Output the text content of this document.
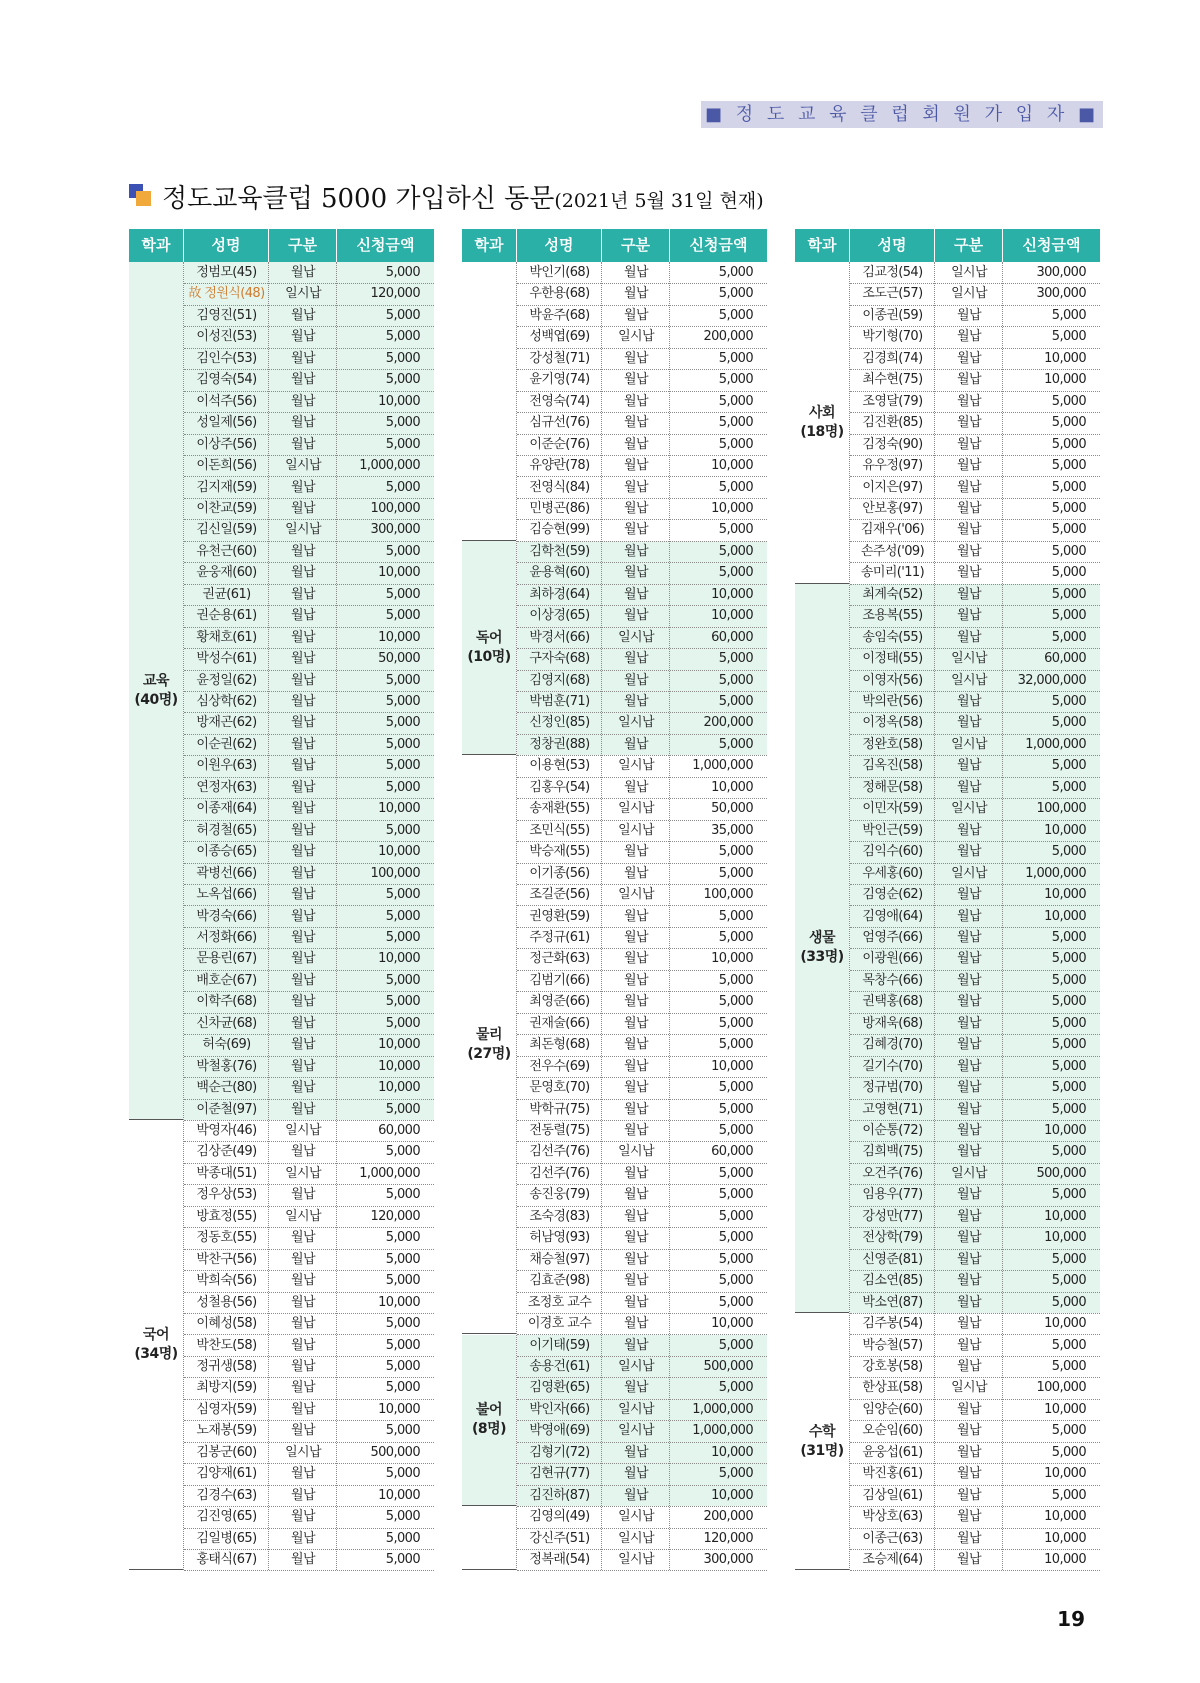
■ 정 도 교 육 클 럽 회 원 가 입 자 ■
정도교육클럽 5000 가입하신 동문(2021년 5월 31일 현재)
학과	성명	구분	신청금액
교육
(40명)
국어
(34명)
정범모(45)	월납	5,000
故 정원식(48)	일시납	120,000
김영진(51)	월납	5,000
이성진(53)	월납	5,000
김인수(53)	월납	5,000
김영숙(54)	월납	5,000
이석주(56)	월납	10,000
성일제(56)	월납	5,000
이상주(56)	월납	5,000
이돈희(56)	일시납	1,000,000
김지재(59)	월납	5,000
이찬교(59)	월납	100,000
김신일(59)	일시납	300,000
유천근(60)	월납	5,000
윤웅재(60)	월납	10,000
권균(61)	월납	5,000
권순용(61)	월납	5,000
황채호(61)	월납	10,000
박성수(61)	월납	50,000
윤정일(62)	월납	5,000
심상학(62)	월납	5,000
방재곤(62)	월납	5,000
이순권(62)	월납	5,000
이원우(63)	월납	5,000
연정자(63)	월납	5,000
이종재(64)	월납	10,000
허경철(65)	월납	5,000
이종승(65)	월납	10,000
곽병선(66)	월납	100,000
노옥섭(66)	월납	5,000
박경숙(66)	월납	5,000
서정화(66)	월납	5,000
문용린(67)	월납	10,000
배호순(67)	월납	5,000
이학주(68)	월납	5,000
신차균(68)	월납	5,000
허숙(69)	월납	10,000
박철홍(76)	월납	10,000
백순근(80)	월납	10,000
이준철(97)	월납	5,000
박영자(46)	일시납	60,000
김상준(49)	월납	5,000
박종대(51)	일시납	1,000,000
정우상(53)	월납	5,000
방효정(55)	일시납	120,000
정동호(55)	월납	5,000
박찬구(56)	월납	5,000
박희숙(56)	월납	5,000
성철용(56)	월납	10,000
이혜성(58)	월납	5,000
박찬도(58)	월납	5,000
정귀생(58)	월납	5,000
최방지(59)	월납	5,000
심영자(59)	월납	10,000
노재봉(59)	월납	5,000
김봉군(60)	일시납	500,000
김양재(61)	월납	5,000
김경수(63)	월납	10,000
김진영(65)	월납	5,000
김일병(65)	월납	5,000
홍태식(67)	월납	5,000
학과	성명	구분	신청금액
독어
(10명)
물리
(27명)
불어
(8명)
박인기(68)	월납	5,000
우한용(68)	월납	5,000
박윤주(68)	월납	5,000
성백엽(69)	일시납	200,000
강성철(71)	월납	5,000
윤기영(74)	월납	5,000
전영숙(74)	월납	5,000
심규선(76)	월납	5,000
이준순(76)	월납	5,000
유양란(78)	월납	10,000
전영식(84)	월납	5,000
민병곤(86)	월납	10,000
김승현(99)	월납	5,000
김학천(59)	월납	5,000
윤용혁(60)	월납	5,000
최하경(64)	월납	10,000
이상경(65)	월납	10,000
박경서(66)	일시납	60,000
구자숙(68)	월납	5,000
김영지(68)	월납	5,000
박범훈(71)	월납	5,000
신정인(85)	일시납	200,000
정창권(88)	월납	5,000
이용현(53)	일시납	1,000,000
김홍우(54)	월납	10,000
송재환(55)	일시납	50,000
조민식(55)	일시납	35,000
박승재(55)	월납	5,000
이기종(56)	월납	5,000
조길준(56)	일시납	100,000
권영환(59)	월납	5,000
주정규(61)	월납	5,000
정근화(63)	월납	10,000
김범기(66)	월납	5,000
최영준(66)	월납	5,000
권재술(66)	월납	5,000
최돈형(68)	월납	5,000
전우수(69)	월납	10,000
문영호(70)	월납	5,000
박학규(75)	월납	5,000
전동렬(75)	월납	5,000
김선주(76)	일시납	60,000
김선주(76)	월납	5,000
송진웅(79)	월납	5,000
조숙경(83)	월납	5,000
허남영(93)	월납	5,000
채승철(97)	월납	5,000
김효준(98)	월납	5,000
조정호 교수	월납	5,000
이경호 교수	월납	10,000
이기태(59)	월납	5,000
송용건(61)	일시납	500,000
김영환(65)	월납	5,000
박인자(66)	일시납	1,000,000
박영애(69)	일시납	1,000,000
김형기(72)	월납	10,000
김현규(77)	월납	5,000
김진하(87)	월납	10,000
김영의(49)	일시납	200,000
강신주(51)	일시납	120,000
정복래(54)	일시납	300,000
학과	성명	구분	신청금액
사회
(18명)
생물
(33명)
수학
(31명)
김교정(54)	일시납	300,000
조도근(57)	일시납	300,000
이종권(59)	월납	5,000
박기형(70)	월납	5,000
김경희(74)	월납	10,000
최수현(75)	월납	10,000
조영달(79)	월납	5,000
김진환(85)	월납	5,000
김정숙(90)	월납	5,000
유우정(97)	월납	5,000
이지은(97)	월납	5,000
안보홍(97)	월납	5,000
김재우('06)	월납	5,000
손주성('09)	월납	5,000
송미리('11)	월납	5,000
최계숙(52)	월납	5,000
조용복(55)	월납	5,000
송임숙(55)	월납	5,000
이정태(55)	일시납	60,000
이영자(56)	일시납	32,000,000
박의란(56)	월납	5,000
이정옥(58)	월납	5,000
정완호(58)	일시납	1,000,000
김옥진(58)	월납	5,000
정해문(58)	월납	5,000
이민자(59)	일시납	100,000
박인근(59)	월납	10,000
김익수(60)	월납	5,000
우세홍(60)	일시납	1,000,000
김영순(62)	월납	10,000
김영애(64)	월납	10,000
엄영주(66)	월납	5,000
이광원(66)	월납	5,000
목창수(66)	월납	5,000
권택홍(68)	월납	5,000
방재욱(68)	월납	5,000
김혜경(70)	월납	5,000
길기수(70)	월납	5,000
정규범(70)	월납	5,000
고영현(71)	월납	5,000
이순통(72)	월납	10,000
김희백(75)	월납	5,000
오건주(76)	일시납	500,000
임용우(77)	월납	5,000
강성만(77)	월납	10,000
전상학(79)	월납	10,000
신영준(81)	월납	5,000
김소연(85)	월납	5,000
박소연(87)	월납	5,000
김주봉(54)	월납	10,000
박승철(57)	월납	5,000
강호봉(58)	월납	5,000
한상표(58)	일시납	100,000
임양순(60)	월납	10,000
오순임(60)	월납	5,000
윤웅섭(61)	월납	5,000
박진홍(61)	월납	10,000
김상일(61)	월납	5,000
박상호(63)	월납	10,000
이종근(63)	월납	10,000
조승제(64)	월납	10,000
19
